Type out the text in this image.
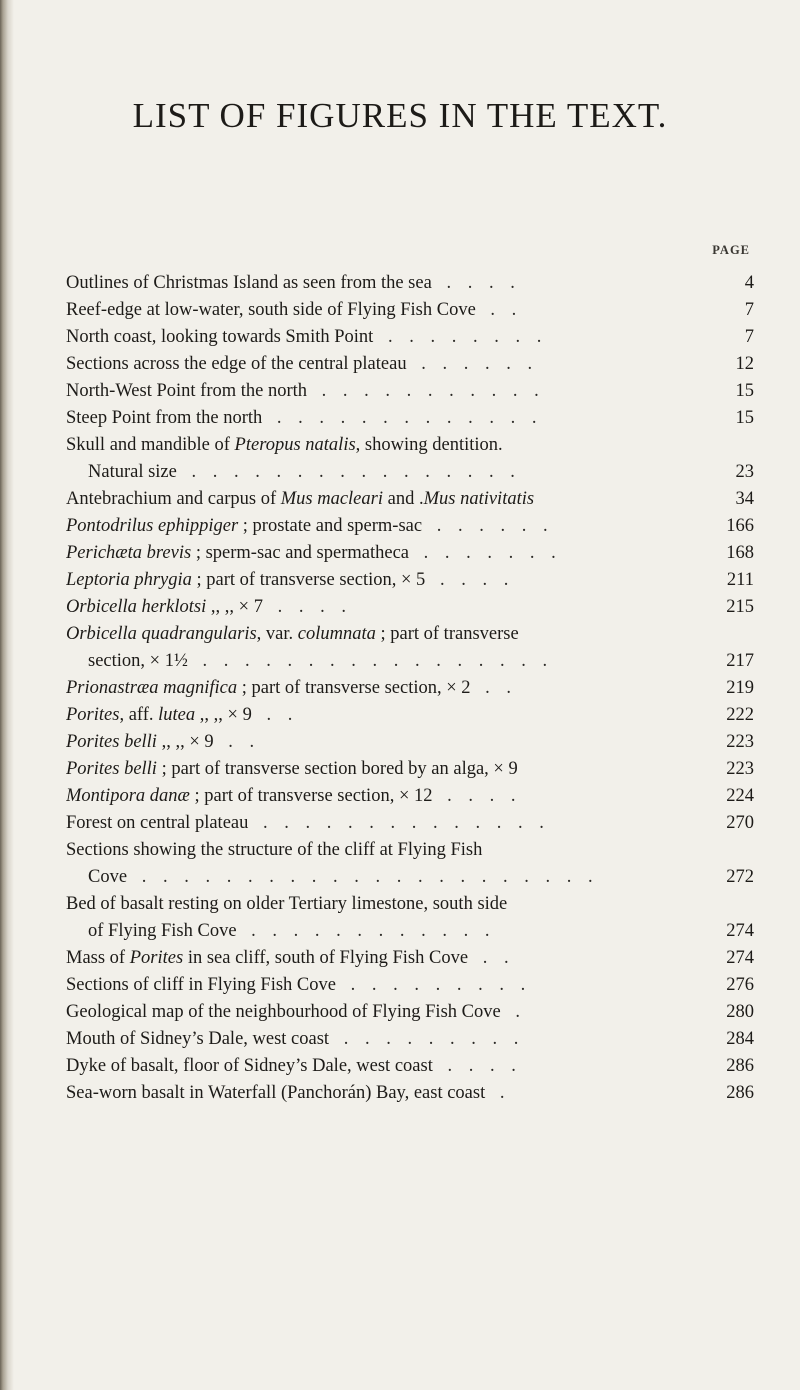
LIST OF FIGURES IN THE TEXT.
PAGE
Outlines of Christmas Island as seen from the sea . . . .	4
Reef-edge at low-water, south side of Flying Fish Cove . .	7
North coast, looking towards Smith Point . . . . . . . .	7
Sections across the edge of the central plateau . . . . . .	12
North-West Point from the north . . . . . . . . . . .	15
Steep Point from the north . . . . . . . . . . . . .	15
Skull and mandible of Pteropus natalis, showing dentition.
Natural size . . . . . . . . . . . . . . . .	23
Antebrachium and carpus of Mus macleari and .Mus nativitatis	34
Pontodrilus ephippiger ; prostate and sperm-sac . . . . . .	166
Perichæta brevis ; sperm-sac and spermatheca . . . . . . .	168
Leptoria phrygia ; part of transverse section, × 5 . . . .	211
Orbicella herklotsi ,, ,, × 7 . . . .	215
Orbicella quadrangularis, var. columnata ; part of transverse
section, × 1½ . . . . . . . . . . . . . . . . .	217
Prionastræa magnifica ; part of transverse section, × 2 . .	219
Porites, aff. lutea ,, ,, × 9 . .	222
Porites belli ,, ,, × 9 . .	223
Porites belli ; part of transverse section bored by an alga, × 9	223
Montipora danæ ; part of transverse section, × 12 . . . .	224
Forest on central plateau . . . . . . . . . . . . . .	270
Sections showing the structure of the cliff at Flying Fish
Cove . . . . . . . . . . . . . . . . . . . . . .	272
Bed of basalt resting on older Tertiary limestone, south side
of Flying Fish Cove . . . . . . . . . . . .	274
Mass of Porites in sea cliff, south of Flying Fish Cove . .	274
Sections of cliff in Flying Fish Cove . . . . . . . . .	276
Geological map of the neighbourhood of Flying Fish Cove .	280
Mouth of Sidney’s Dale, west coast . . . . . . . . .	284
Dyke of basalt, floor of Sidney’s Dale, west coast . . . .	286
Sea-worn basalt in Waterfall (Panchorán) Bay, east coast .	286
